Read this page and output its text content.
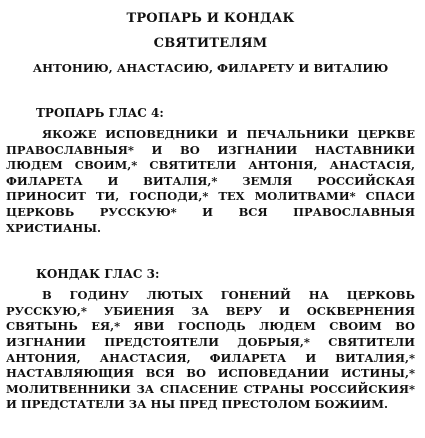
ТРОПАРЬ И КОНДАК
СВЯТИТЕЛЯМ
АНТОНИЮ, АНАСТАСИЮ, ФИЛАРЕТУ И ВИТАЛИЮ

ТРОПАРЬ ГЛАС 4:

ЯКОЖЕ ИСПОВЕДНИКИ И ПЕЧАЛЬНИКИ ЦЕРКВЕ ПРАВОСЛАВНЫЯ* И ВО ИЗГНАНИИ НАСТАВНИКИ ЛЮДЕМ СВОИМ,* СВЯТИТЕЛИ АНТОНІЯ, АНАСТАСІЯ, ФИЛАРЕТА И ВИТАЛІЯ,* ЗЕМЛЯ РОССИЙСКАЯ ПРИНОСИТ ТИ, ГОСПОДИ,* ТЕХ МОЛИТВАМИ* СПАСИ ЦЕРКОВЬ РУССКУЮ* И ВСЯ ПРАВОСЛАВНЫЯ ХРИСТИАНЫ.

КОНДАК ГЛАС 3:

В ГОДИНУ ЛЮТЫХ ГОНЕНИЙ НА ЦЕРКОВЬ РУССКУЮ,* УБИЕНИЯ ЗА ВЕРУ И ОСКВЕРНЕНИЯ СВЯТЫНЬ ЕЯ,* ЯВИ ГОСПОДЬ ЛЮДЕМ СВОИМ ВО ИЗГНАНИИ ПРЕДСТОЯТЕЛИ ДОБРЫЯ,* СВЯТИТЕЛИ АНТОНИЯ, АНАСТАСИЯ, ФИЛАРЕТА И ВИТАЛИЯ,* НАСТАВЛЯЮЩИЯ ВСЯ ВО ИСПОВЕДАНИИ ИСТИНЫ,* МОЛИТВЕННИКИ ЗА СПАСЕНИЕ СТРАНЫ РОССИЙСКИЯ* И ПРЕДСТАТЕЛИ ЗА НЫ ПРЕД ПРЕСТОЛОМ БОЖИИМ.
